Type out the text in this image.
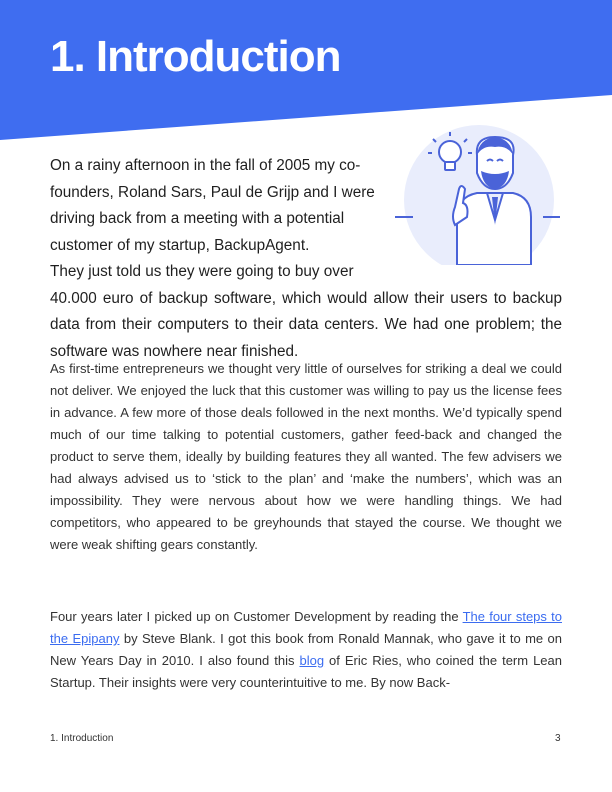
1. Introduction

On a rainy afternoon in the fall of 2005 my co-

founders, Roland Sars, Paul de Grijp and I were

driving back from a meeting with a potential

customer of my startup, BackupAgent.

They just told us they were going to buy over

40.000 euro of backup software, which would allow their users to backup data from their computers to their data centers. We had one problem; the software was nowhere near finished.

As first-time entrepreneurs we thought very little of ourselves for striking a deal we could not deliver. We enjoyed the luck that this customer was willing to pay us the license fees in advance. A few more of those deals followed in the next months. We’d typically spend much of our time talking to potential customers, gather feed-back and changed the product to serve them, ideally by building features they all wanted. The few advisers we had always advised us to ‘stick to the plan’ and ‘make the numbers’, which was an impossibility. They were nervous about how we were handling things. We had competitors, who appeared to be greyhounds that stayed the course. We thought we were weak shifting gears constantly.

Four years later I picked up on Customer Development by reading the The four steps to the Epipany by Steve Blank. I got this book from Ronald Mannak, who gave it to me on New Years Day in 2010. I also found this blog of Eric Ries, who coined the term Lean Startup. Their insights were very counterintuitive to me. By now Back-

1. Introduction	3
